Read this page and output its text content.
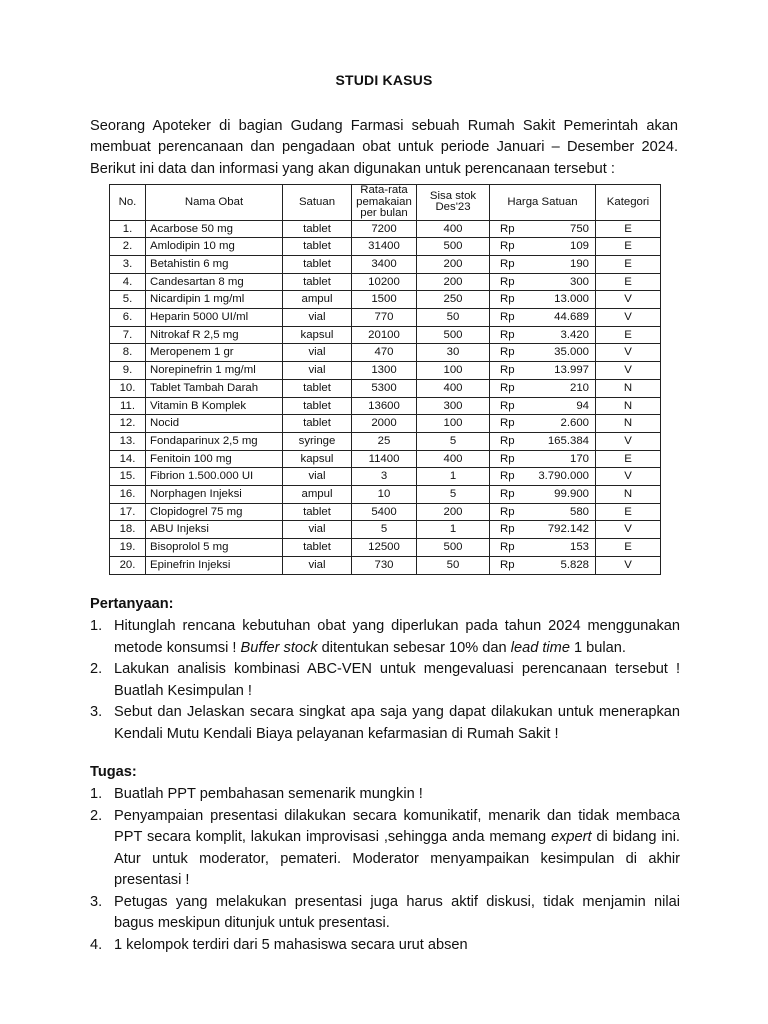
STUDI KASUS

Seorang Apoteker di bagian Gudang Farmasi sebuah Rumah Sakit Pemerintah akan membuat perencanaan dan pengadaan obat untuk periode Januari – Desember 2024. Berikut ini data dan informasi yang akan digunakan untuk perencanaan tersebut :

No.	Nama Obat	Satuan	Rata-rata pemakaian per bulan	Sisa stok Des'23	Harga Satuan	Kategori
1.	Acarbose 50 mg	tablet	7200	400	Rp 750	E
2.	Amlodipin 10 mg	tablet	31400	500	Rp 109	E
3.	Betahistin 6 mg	tablet	3400	200	Rp 190	E
4.	Candesartan 8 mg	tablet	10200	200	Rp 300	E
5.	Nicardipin 1 mg/ml	ampul	1500	250	Rp 13.000	V
6.	Heparin 5000 UI/ml	vial	770	50	Rp 44.689	V
7.	Nitrokaf R 2,5 mg	kapsul	20100	500	Rp 3.420	E
8.	Meropenem 1 gr	vial	470	30	Rp 35.000	V
9.	Norepinefrin 1 mg/ml	vial	1300	100	Rp 13.997	V
10.	Tablet Tambah Darah	tablet	5300	400	Rp 210	N
11.	Vitamin B Komplek	tablet	13600	300	Rp 94	N
12.	Nocid	tablet	2000	100	Rp 2.600	N
13.	Fondaparinux 2,5 mg	syringe	25	5	Rp 165.384	V
14.	Fenitoin 100 mg	kapsul	11400	400	Rp 170	E
15.	Fibrion 1.500.000 UI	vial	3	1	Rp 3.790.000	V
16.	Norphagen Injeksi	ampul	10	5	Rp 99.900	N
17.	Clopidogrel 75 mg	tablet	5400	200	Rp 580	E
18.	ABU Injeksi	vial	5	1	Rp 792.142	V
19.	Bisoprolol 5 mg	tablet	12500	500	Rp 153	E
20.	Epinefrin Injeksi	vial	730	50	Rp 5.828	V
Pertanyaan:
1. Hitunglah rencana kebutuhan obat yang diperlukan pada tahun 2024 menggunakan metode konsumsi ! Buffer stock ditentukan sebesar 10% dan lead time 1 bulan.
2. Lakukan analisis kombinasi ABC-VEN untuk mengevaluasi perencanaan tersebut ! Buatlah Kesimpulan !
3. Sebut dan Jelaskan secara singkat apa saja yang dapat dilakukan untuk menerapkan Kendali Mutu Kendali Biaya pelayanan kefarmasian di Rumah Sakit !
Tugas:
1. Buatlah PPT pembahasan semenarik mungkin !
2. Penyampaian presentasi dilakukan secara komunikatif, menarik dan tidak membaca PPT secara komplit, lakukan improvisasi ,sehingga anda memang expert di bidang ini. Atur untuk moderator, pemateri. Moderator menyampaikan kesimpulan di akhir presentasi !
3. Petugas yang melakukan presentasi juga harus aktif diskusi, tidak menjamin nilai bagus meskipun ditunjuk untuk presentasi.
4. 1 kelompok terdiri dari 5 mahasiswa secara urut absen
